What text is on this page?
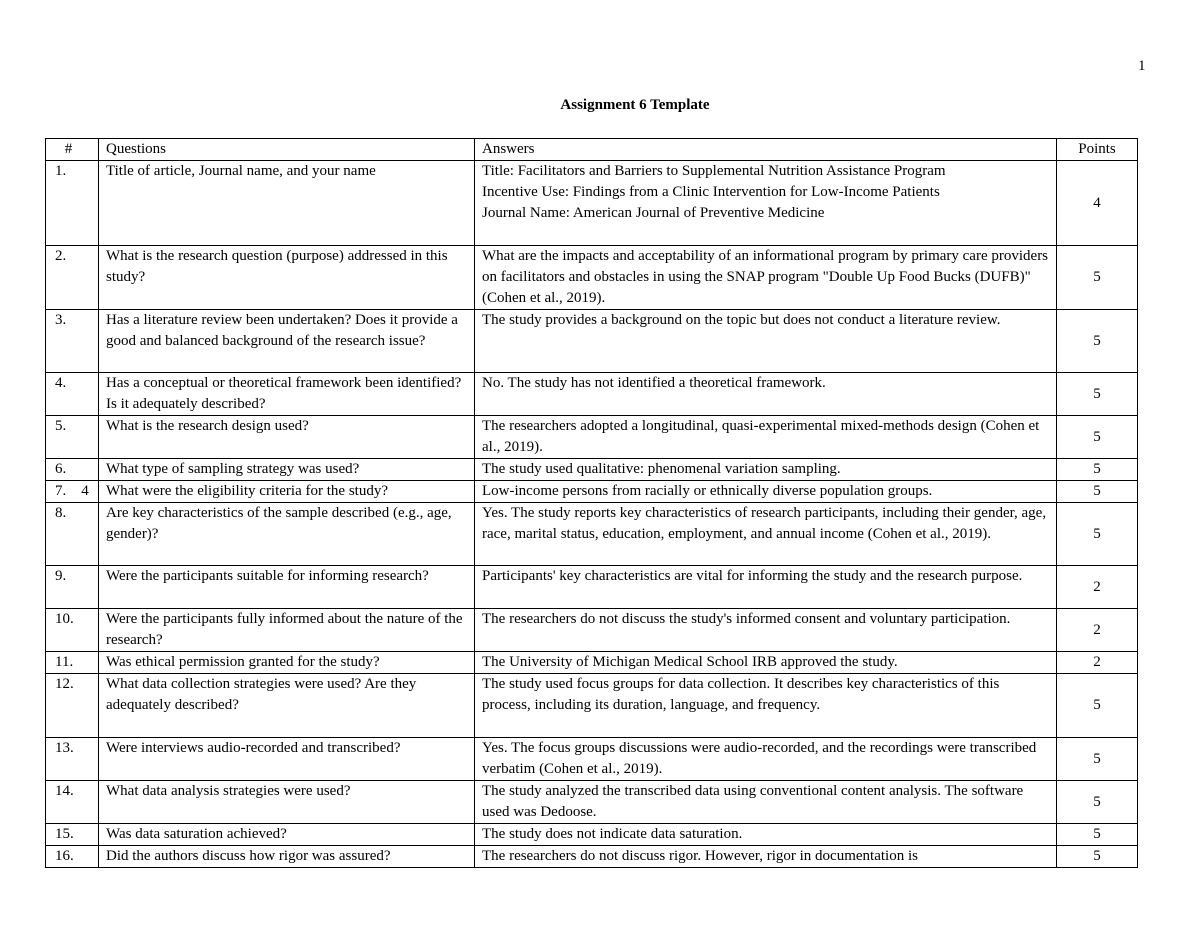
1
Assignment 6 Template
#	Questions	Answers	Points
1.	Title of article, Journal name, and your name	Title: Facilitators and Barriers to Supplemental Nutrition Assistance Program
Incentive Use: Findings from a Clinic Intervention for Low-Income Patients
Journal Name: American Journal of Preventive Medicine	4
2.	What is the research question (purpose) addressed in this study?	What are the impacts and acceptability of an informational program by primary care providers on facilitators and obstacles in using the SNAP program "Double Up Food Bucks (DUFB)" (Cohen et al., 2019).	5
3.	Has a literature review been undertaken? Does it provide a good and balanced background of the research issue?	The study provides a background on the topic but does not conduct a literature review.	5
4.	Has a conceptual or theoretical framework been identified? Is it adequately described?	No. The study has not identified a theoretical framework.	5
5.	What is the research design used?	The researchers adopted a longitudinal, quasi-experimental mixed-methods design (Cohen et al., 2019).	5
6.	What type of sampling strategy was used?	The study used qualitative: phenomenal variation sampling.	5
7.    4	What were the eligibility criteria for the study?	Low-income persons from racially or ethnically diverse population groups.	5
8.	Are key characteristics of the sample described (e.g., age, gender)?	Yes. The study reports key characteristics of research participants, including their gender, age, race, marital status, education, employment, and annual income (Cohen et al., 2019).	5
9.	Were the participants suitable for informing research?	Participants' key characteristics are vital for informing the study and the research purpose.	2
10.	Were the participants fully informed about the nature of the research?	The researchers do not discuss the study's informed consent and voluntary participation.	2
11.	Was ethical permission granted for the study?	The University of Michigan Medical School IRB approved the study.	2
12.	What data collection strategies were used? Are they adequately described?	The study used focus groups for data collection. It describes key characteristics of this process, including its duration, language, and frequency.	5
13.	Were interviews audio-recorded and transcribed?	Yes. The focus groups discussions were audio-recorded, and the recordings were transcribed verbatim (Cohen et al., 2019).	5
14.	What data analysis strategies were used?	The study analyzed the transcribed data using conventional content analysis. The software used was Dedoose.	5
15.	Was data saturation achieved?	The study does not indicate data saturation.	5
16.	Did the authors discuss how rigor was assured?	The researchers do not discuss rigor. However, rigor in documentation is	5
